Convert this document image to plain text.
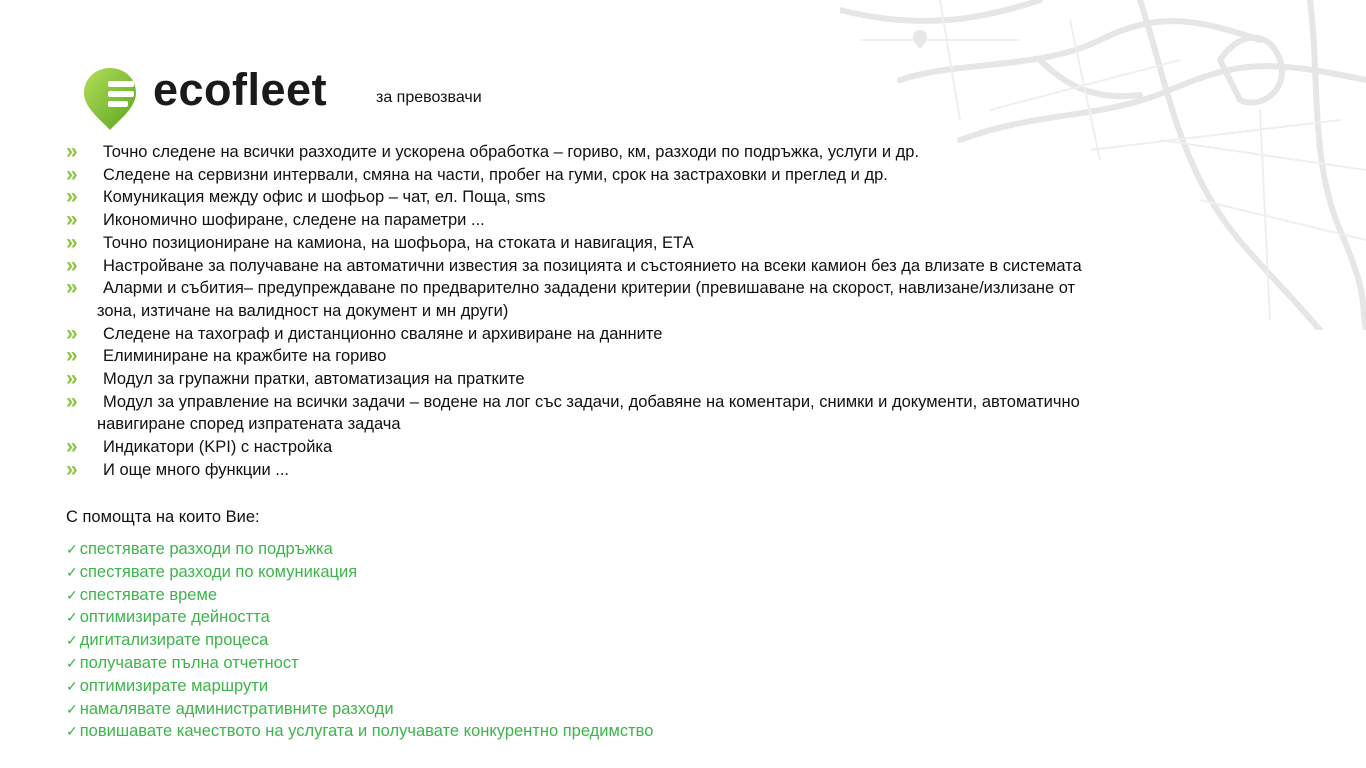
ecofleet	за превозвачи
» Точно следене на всички разходите и ускорена обработка – гориво, км, разходи по подръжка, услуги и др.
» Следене на сервизни интервали, смяна на части, пробег на гуми, срок на застраховки и преглед и др.
» Комуникация между офис и шофьор – чат, ел. Поща, sms
» Икономично шофиране, следене на параметри ...
» Точно позициониране на камиона, на шофьора, на стоката и навигация, ЕТА
» Настройване за получаване на автоматични известия за позицията и състоянието на всеки камион без да влизате в системата
»	Аларми и събития– предупреждаване по предварително зададени критерии (превишаване на скорост, навлизане/излизане от
зона, изтичане на валидност на документ и мн други)
» Следене на тахограф и дистанционно сваляне и архивиране на данните
» Елиминиране на кражбите на гориво
» Модул за групажни пратки, автоматизация на пратките
»	Модул за управление на всички задачи – водене на лог със задачи, добавяне на коментари, снимки и документи, автоматично
навигиране според изпратената задача
» Индикатори (KPI) с настройка
» И още много функции ...
С помощта на които Вие:
✓ спестявате разходи по подръжка
✓ спестявате разходи по комуникация
✓ спестявате време
✓ оптимизирате дейността
✓ дигитализирате процеса
✓ получавате пълна отчетност
✓ оптимизирате маршрути
✓ намалявате административните разходи
✓ повишавате качеството на услугата и получавате конкурентно предимство
